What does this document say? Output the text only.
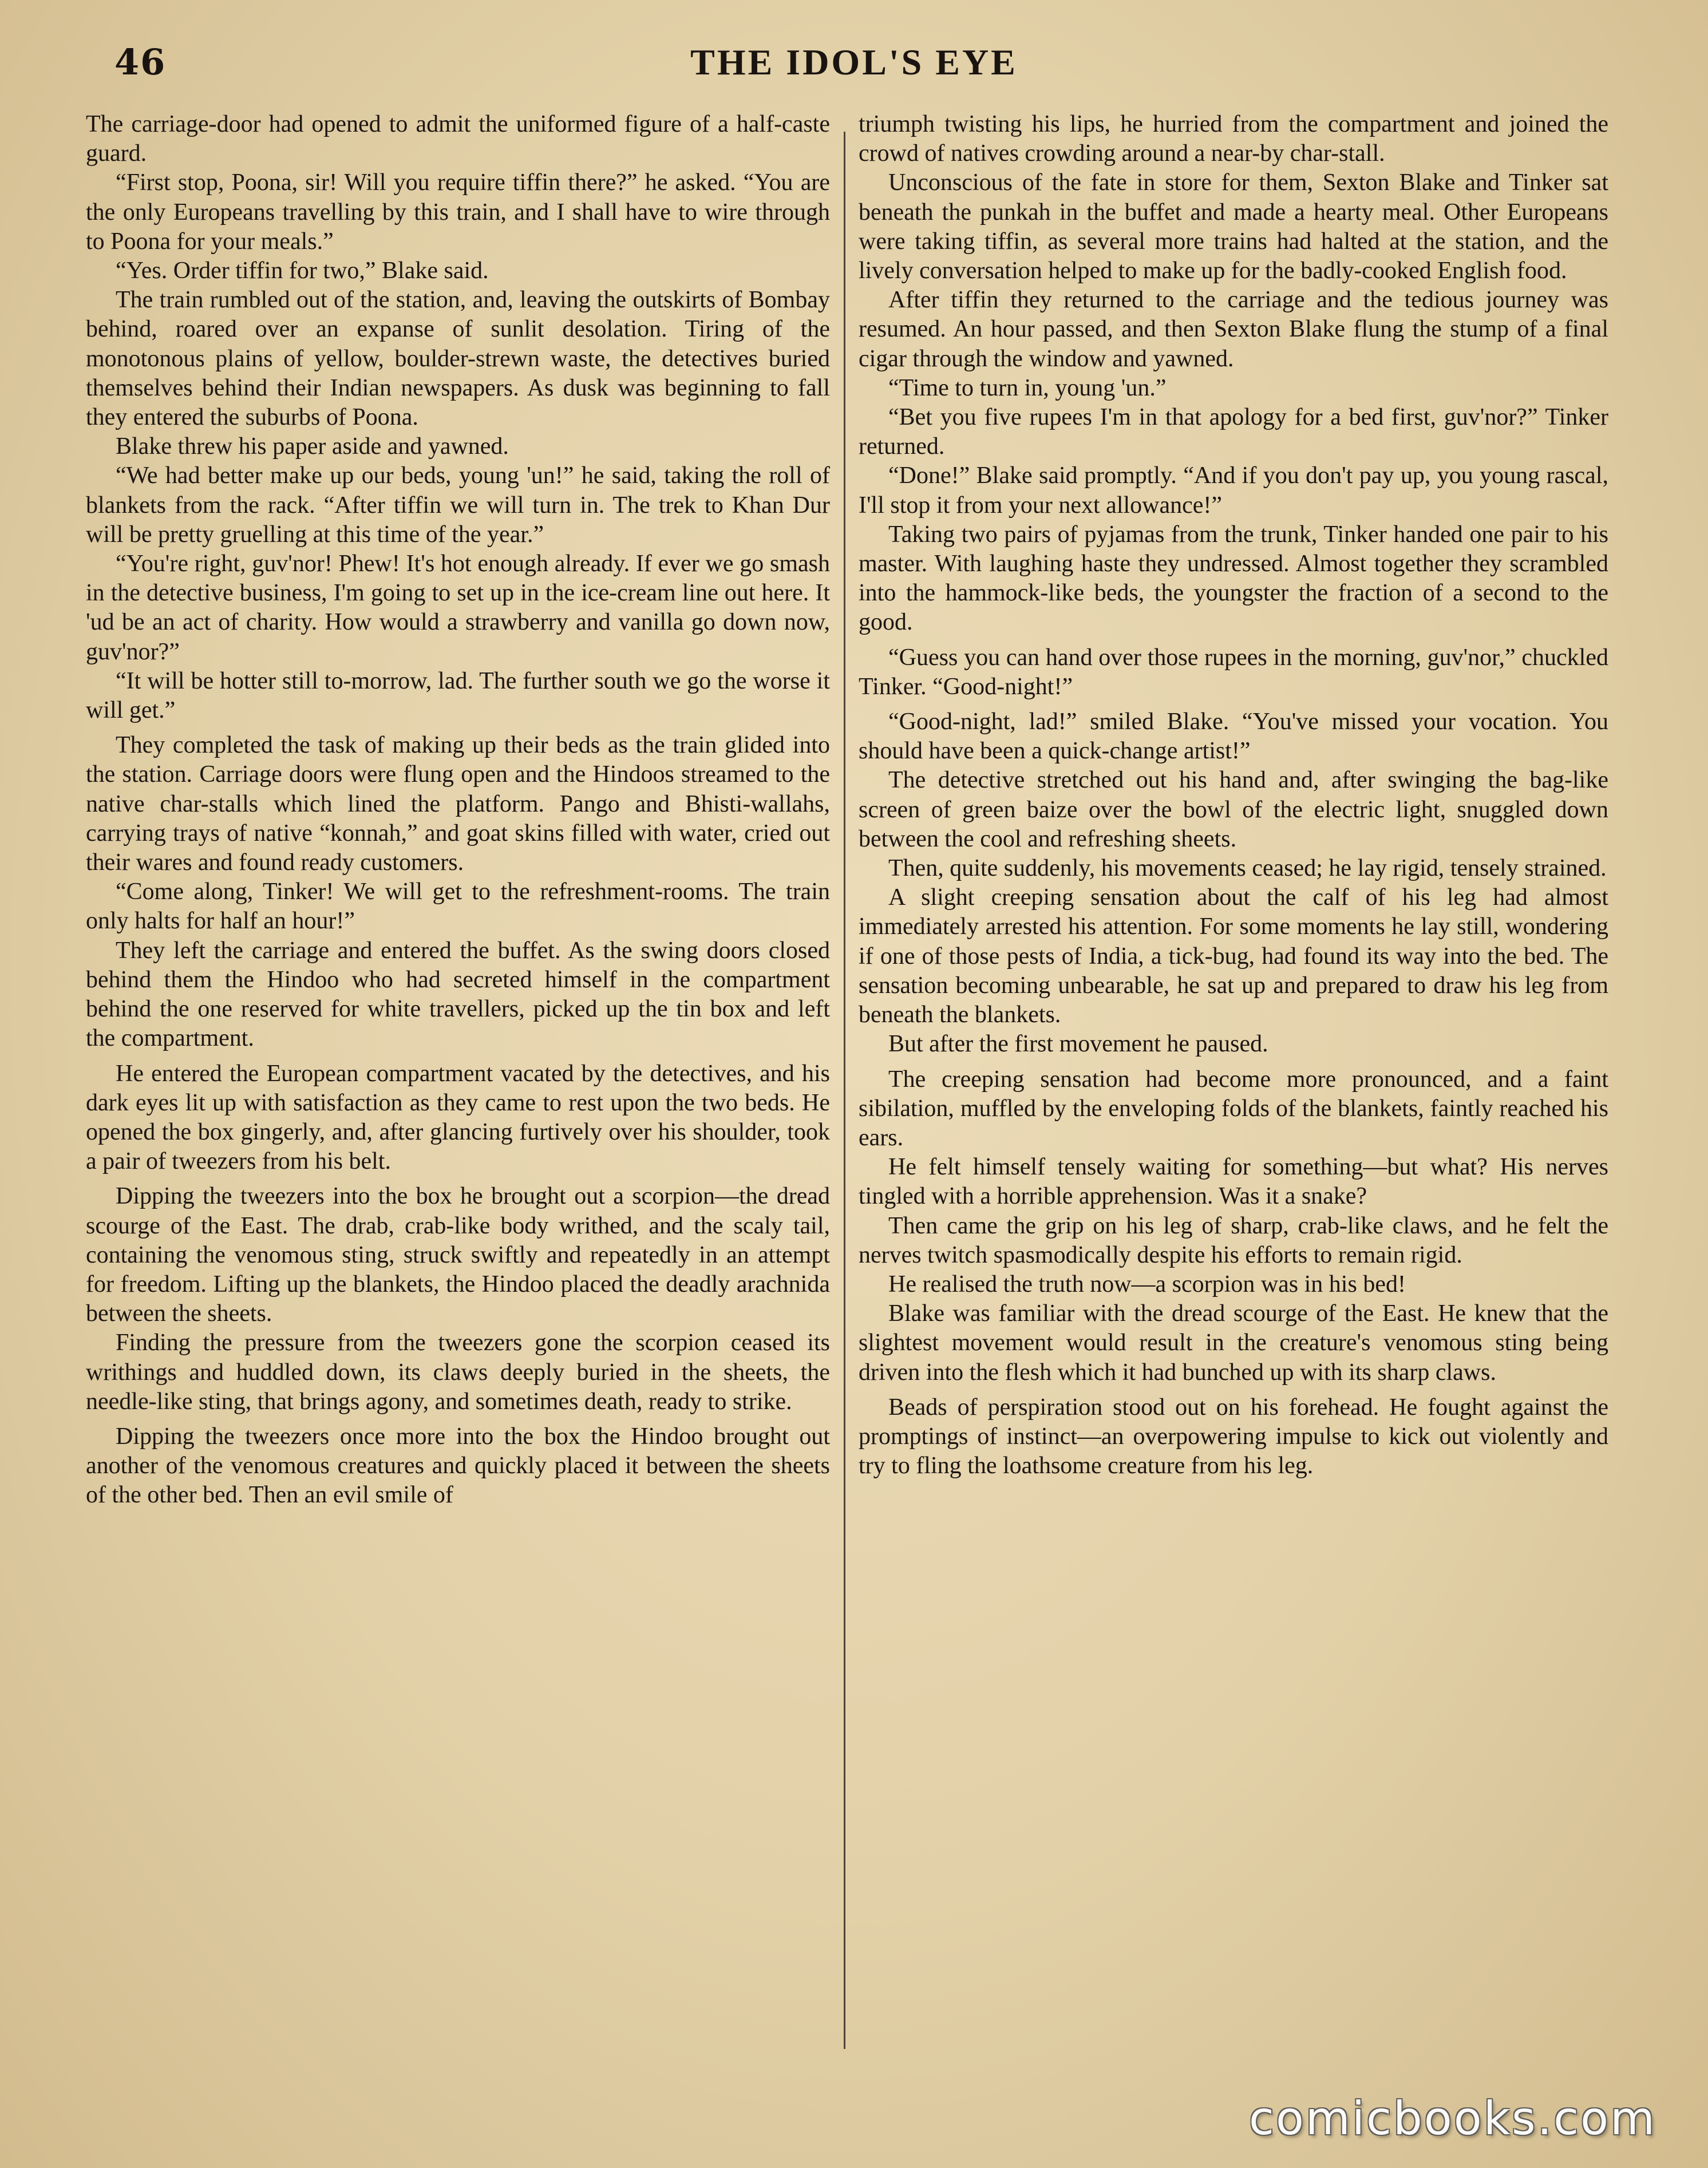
46	THE IDOL'S EYE

The carriage-door had opened to admit the uniformed figure of a half-caste guard.

“First stop, Poona, sir! Will you require tiffin there?” he asked. “You are the only Europeans travelling by this train, and I shall have to wire through to Poona for your meals.”

“Yes. Order tiffin for two,” Blake said.

The train rumbled out of the station, and, leaving the outskirts of Bombay behind, roared over an expanse of sunlit desolation. Tiring of the monotonous plains of yellow, boulder-strewn waste, the detectives buried themselves behind their Indian newspapers. As dusk was beginning to fall they entered the suburbs of Poona.

Blake threw his paper aside and yawned.

“We had better make up our beds, young 'un!” he said, taking the roll of blankets from the rack. “After tiffin we will turn in. The trek to Khan Dur will be pretty gruelling at this time of the year.”

“You're right, guv'nor! Phew! It's hot enough already. If ever we go smash in the detective business, I'm going to set up in the ice-cream line out here. It 'ud be an act of charity. How would a strawberry and vanilla go down now, guv'nor?”

“It will be hotter still to-morrow, lad. The further south we go the worse it will get.”

They completed the task of making up their beds as the train glided into the station. Carriage doors were flung open and the Hindoos streamed to the native char-stalls which lined the platform. Pango and Bhisti-wallahs, carrying trays of native “konnah,” and goat skins filled with water, cried out their wares and found ready customers.

“Come along, Tinker! We will get to the refreshment-rooms. The train only halts for half an hour!”

They left the carriage and entered the buffet. As the swing doors closed behind them the Hindoo who had secreted himself in the compartment behind the one reserved for white travellers, picked up the tin box and left the compartment.

He entered the European compartment vacated by the detectives, and his dark eyes lit up with satisfaction as they came to rest upon the two beds. He opened the box gingerly, and, after glancing furtively over his shoulder, took a pair of tweezers from his belt.

Dipping the tweezers into the box he brought out a scorpion—the dread scourge of the East. The drab, crab-like body writhed, and the scaly tail, containing the venomous sting, struck swiftly and repeatedly in an attempt for freedom. Lifting up the blankets, the Hindoo placed the deadly arachnida between the sheets.

Finding the pressure from the tweezers gone the scorpion ceased its writhings and huddled down, its claws deeply buried in the sheets, the needle-like sting, that brings agony, and sometimes death, ready to strike.

Dipping the tweezers once more into the box the Hindoo brought out another of the venomous creatures and quickly placed it between the sheets of the other bed. Then an evil smile of

triumph twisting his lips, he hurried from the compartment and joined the crowd of natives crowding around a near-by char-stall.

Unconscious of the fate in store for them, Sexton Blake and Tinker sat beneath the punkah in the buffet and made a hearty meal. Other Europeans were taking tiffin, as several more trains had halted at the station, and the lively conversation helped to make up for the badly-cooked English food.

After tiffin they returned to the carriage and the tedious journey was resumed. An hour passed, and then Sexton Blake flung the stump of a final cigar through the window and yawned.

“Time to turn in, young 'un.”

“Bet you five rupees I'm in that apology for a bed first, guv'nor?” Tinker returned.

“Done!” Blake said promptly. “And if you don't pay up, you young rascal, I'll stop it from your next allowance!”

Taking two pairs of pyjamas from the trunk, Tinker handed one pair to his master. With laughing haste they undressed. Almost together they scrambled into the hammock-like beds, the youngster the fraction of a second to the good.

“Guess you can hand over those rupees in the morning, guv'nor,” chuckled Tinker. “Good-night!”

“Good-night, lad!” smiled Blake. “You've missed your vocation. You should have been a quick-change artist!”

The detective stretched out his hand and, after swinging the bag-like screen of green baize over the bowl of the electric light, snuggled down between the cool and refreshing sheets.

Then, quite suddenly, his movements ceased; he lay rigid, tensely strained.

A slight creeping sensation about the calf of his leg had almost immediately arrested his attention. For some moments he lay still, wondering if one of those pests of India, a tick-bug, had found its way into the bed. The sensation becoming unbearable, he sat up and prepared to draw his leg from beneath the blankets.

But after the first movement he paused.

The creeping sensation had become more pronounced, and a faint sibilation, muffled by the enveloping folds of the blankets, faintly reached his ears.

He felt himself tensely waiting for something—but what? His nerves tingled with a horrible apprehension. Was it a snake?

Then came the grip on his leg of sharp, crab-like claws, and he felt the nerves twitch spasmodically despite his efforts to remain rigid.

He realised the truth now—a scorpion was in his bed!

Blake was familiar with the dread scourge of the East. He knew that the slightest movement would result in the creature's venomous sting being driven into the flesh which it had bunched up with its sharp claws.

Beads of perspiration stood out on his forehead. He fought against the promptings of instinct—an overpowering impulse to kick out violently and try to fling the loathsome creature from his leg.

comicbooks.com
